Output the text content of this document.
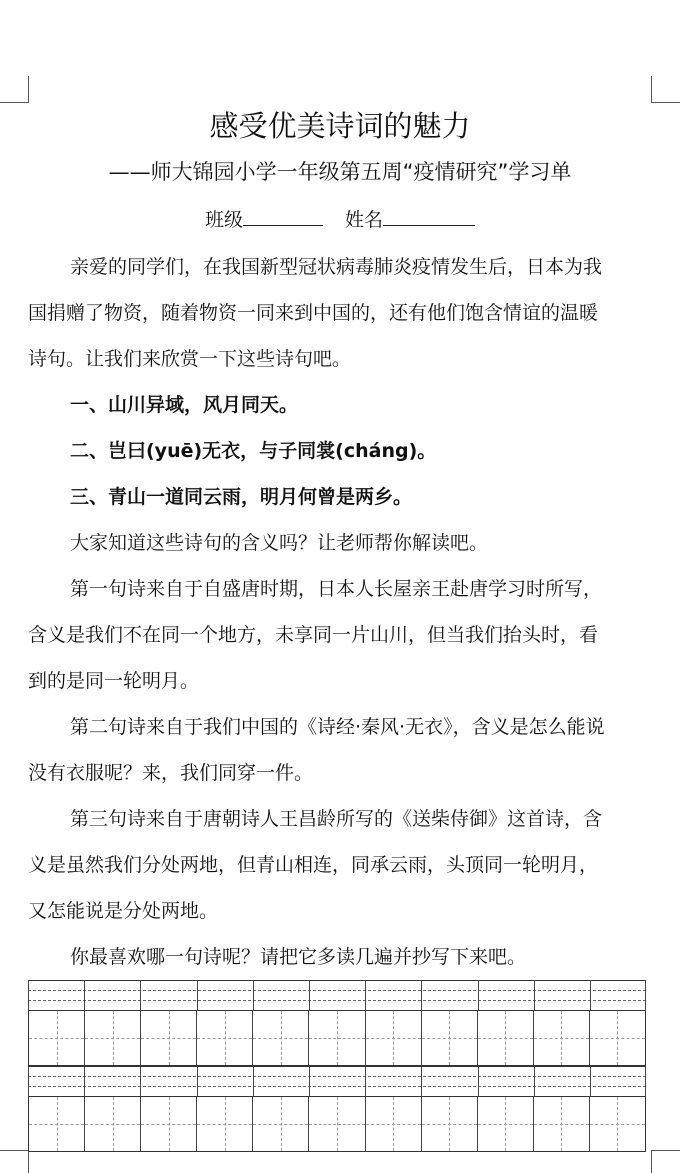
感受优美诗词的魅力
——师大锦园小学一年级第五周“疫情研究”学习单
班级	姓名
亲爱的同学们，在我国新型冠状病毒肺炎疫情发生后，日本为我
国捐赠了物资，随着物资一同来到中国的，还有他们饱含情谊的温暖
诗句。让我们来欣赏一下这些诗句吧。
一、山川异域，风月同天。
二、岂曰(yuē)无衣，与子同裳(cháng)。
三、青山一道同云雨，明月何曾是两乡。
大家知道这些诗句的含义吗？让老师帮你解读吧。
第一句诗来自于自盛唐时期，日本人长屋亲王赴唐学习时所写，
含义是我们不在同一个地方，未享同一片山川，但当我们抬头时，看
到的是同一轮明月。
第二句诗来自于我们中国的《诗经·秦风·无衣》，含义是怎么能说
没有衣服呢？来，我们同穿一件。
第三句诗来自于唐朝诗人王昌龄所写的《送柴侍御》这首诗，含
义是虽然我们分处两地，但青山相连，同承云雨，头顶同一轮明月，
又怎能说是分处两地。
你最喜欢哪一句诗呢？请把它多读几遍并抄写下来吧。
